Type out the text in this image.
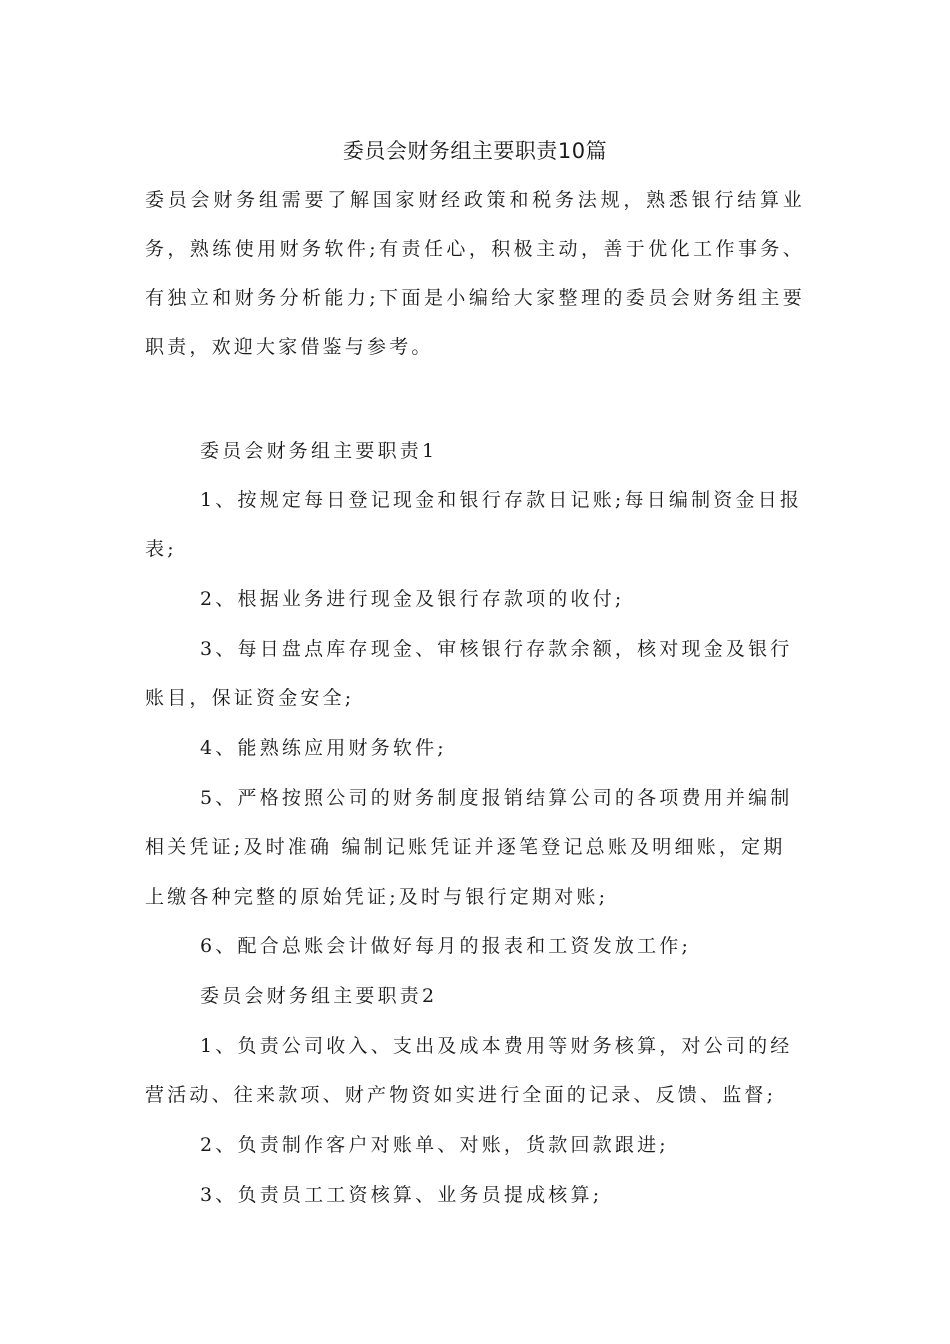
委员会财务组主要职责10篇

委员会财务组需要了解国家财经政策和税务法规，熟悉银行结算业务，熟练使用财务软件;有责任心，积极主动，善于优化工作事务、有独立和财务分析能力;下面是小编给大家整理的委员会财务组主要职责，欢迎大家借鉴与参考。

委员会财务组主要职责1
1、按规定每日登记现金和银行存款日记账;每日编制资金日报
表;
2、根据业务进行现金及银行存款项的收付;
3、每日盘点库存现金、审核银行存款余额，核对现金及银行
账目，保证资金安全;
4、能熟练应用财务软件;
5、严格按照公司的财务制度报销结算公司的各项费用并编制
相关凭证;及时准确 编制记账凭证并逐笔登记总账及明细账，定期
上缴各种完整的原始凭证;及时与银行定期对账;
6、配合总账会计做好每月的报表和工资发放工作;
委员会财务组主要职责2
1、负责公司收入、支出及成本费用等财务核算，对公司的经
营活动、往来款项、财产物资如实进行全面的记录、反馈、监督;
2、负责制作客户对账单、对账，货款回款跟进;
3、负责员工工资核算、业务员提成核算;
